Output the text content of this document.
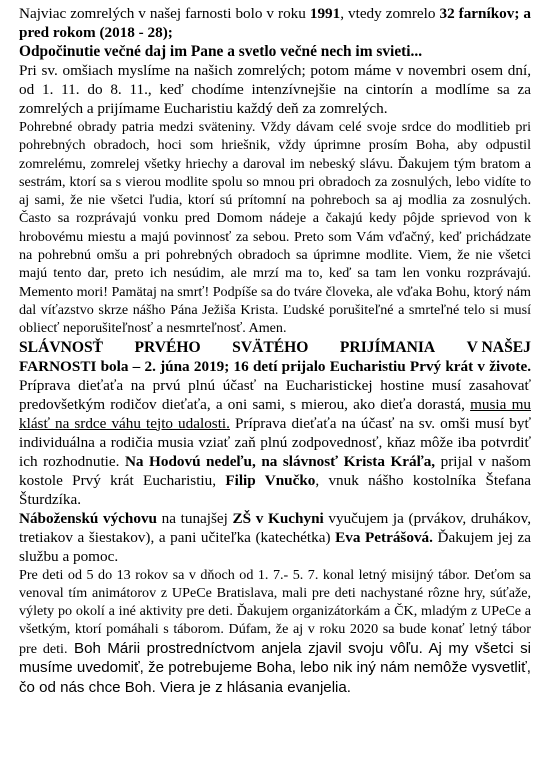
Najviac zomrelých v našej farnosti bolo v roku 1991, vtedy zomrelo 32 farníkov; a pred rokom (2018 - 28);

Odpočinutie večné daj im Pane a svetlo večné nech im svieti...

Pri sv. omšiach myslíme na našich zomrelých; potom máme v novembri osem dní, od 1. 11. do 8. 11., keď chodíme intenzívnejšie na cintorín a modlíme sa za zomrelých a prijímame Eucharistiu každý deň za zomrelých.

Pohrebné obrady patria medzi sväteniny. Vždy dávam celé svoje srdce do modlitieb pri pohrebných obradoch, hoci som hriešnik, vždy úprimne prosím Boha, aby odpustil zomrelému, zomrelej všetky hriechy a daroval im nebeský slávu. Ďakujem tým bratom a sestrám, ktorí sa s vierou modlite spolu so mnou pri obradoch za zosnulých, lebo vidíte to aj sami, že nie všetci ľudia, ktorí sú prítomní na pohreboch sa aj modlia za zosnulých. Často sa rozprávajú vonku pred Domom nádeje a čakajú kedy pôjde sprievod von k hrobovému miestu a majú povinnosť za sebou. Preto som Vám vďačný, keď prichádzate na pohrebnú omšu a pri pohrebných obradoch sa úprimne modlite. Viem, že nie všetci majú tento dar, preto ich nesúdim, ale mrzí ma to, keď sa tam len vonku rozprávajú. Memento mori! Pamätaj na smrť! Podpíše sa do tváre človeka, ale vďaka Bohu, ktorý nám dal víťazstvo skrze nášho Pána Ježiša Krista. Ľudské porušiteľné a smrteľné telo si musí obliecť neporušiteľnosť a nesmrteľnosť. Amen.

SLÁVNOSŤ PRVÉHO SVÄTÉHO PRIJÍMANIA V NAŠEJ

FARNOSTI bola – 2. júna 2019; 16 detí prijalo Eucharistiu Prvý krát v živote. Príprava dieťaťa na prvú plnú účasť na Eucharistickej hostine musí zasahovať predovšetkým rodičov dieťaťa, a oni sami, s mierou, ako dieťa dorastá, musia mu klásť na srdce váhu tejto udalosti. Príprava dieťaťa na účasť na sv. omši musí byť individuálna a rodičia musia vziať zaň plnú zodpovednosť, kňaz môže iba potvrdiť ich rozhodnutie. Na Hodovú nedeľu, na slávnosť Krista Kráľa, prijal v našom kostole Prvý krát Eucharistiu, Filip Vnučko, vnuk nášho kostolníka Štefana Šturdzíka.

Náboženskú výchovu na tunajšej ZŠ v Kuchyni vyučujem ja (prvákov, druhákov, tretiakov a šiestakov), a pani učiteľka (katechétka) Eva Petrášová. Ďakujem jej za službu a pomoc.

Pre deti od 5 do 13 rokov sa v dňoch od 1. 7.- 5. 7. konal letný misijný tábor. Deťom sa venoval tím animátorov z UPeCe Bratislava, mali pre deti nachystané rôzne hry, súťaže, výlety po okolí a iné aktivity pre deti. Ďakujem organizátorkám a ČK, mladým z UPeCe a všetkým, ktorí pomáhali s táborom. Dúfam, že aj v roku 2020 sa bude konať letný tábor pre deti. Boh Márii prostredníctvom anjela zjavil svoju vôľu. Aj my všetci si musíme uvedomiť, že potrebujeme Boha, lebo nik iný nám nemôže vysvetliť, čo od nás chce Boh. Viera je z hlásania evanjelia.
